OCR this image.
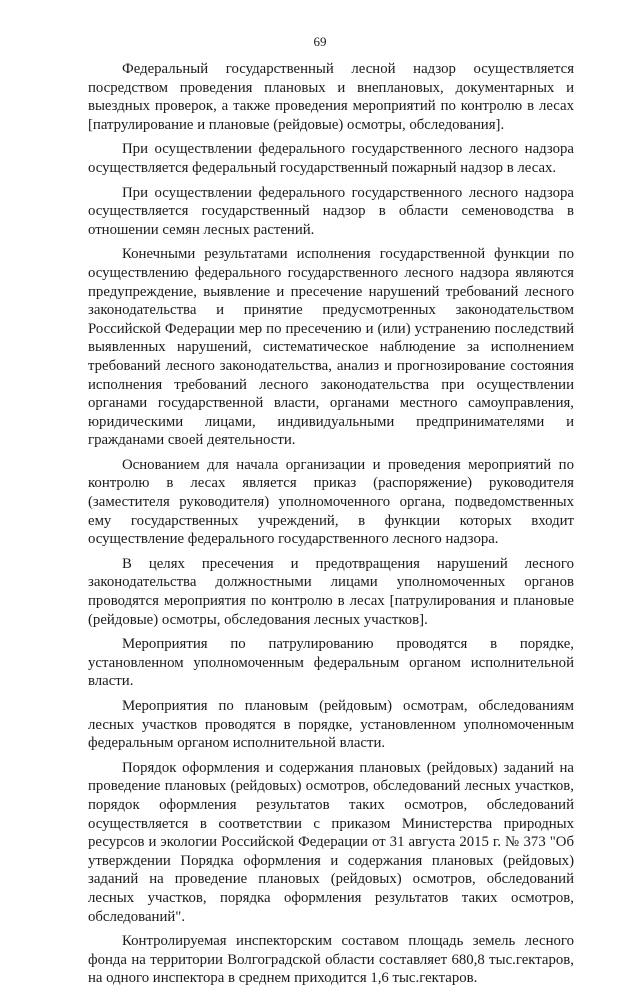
69

Федеральный государственный лесной надзор осуществляется посредством проведения плановых и внеплановых, документарных и выездных проверок, а также проведения мероприятий по контролю в лесах [патрулирование и плановые (рейдовые) осмотры, обследования].

При осуществлении федерального государственного лесного надзора осуществляется федеральный государственный пожарный надзор в лесах.

При осуществлении федерального государственного лесного надзора осуществляется государственный надзор в области семеноводства в отношении семян лесных растений.

Конечными результатами исполнения государственной функции по осуществлению федерального государственного лесного надзора являются предупреждение, выявление и пресечение нарушений требований лесного законодательства и принятие предусмотренных законодательством Российской Федерации мер по пресечению и (или) устранению последствий выявленных нарушений, систематическое наблюдение за исполнением требований лесного законодательства, анализ и прогнозирование состояния исполнения требований лесного законодательства при осуществлении органами государственной власти, органами местного самоуправления, юридическими лицами, индивидуальными предпринимателями и гражданами своей деятельности.

Основанием для начала организации и проведения мероприятий по контролю в лесах является приказ (распоряжение) руководителя (заместителя руководителя) уполномоченного органа, подведомственных ему государственных учреждений, в функции которых входит осуществление федерального государственного лесного надзора.

В целях пресечения и предотвращения нарушений лесного законодательства должностными лицами уполномоченных органов проводятся мероприятия по контролю в лесах [патрулирования и плановые (рейдовые) осмотры, обследования лесных участков].

Мероприятия по патрулированию проводятся в порядке, установленном уполномоченным федеральным органом исполнительной власти.

Мероприятия по плановым (рейдовым) осмотрам, обследованиям лесных участков проводятся в порядке, установленном уполномоченным федеральным органом исполнительной власти.

Порядок оформления и содержания плановых (рейдовых) заданий на проведение плановых (рейдовых) осмотров, обследований лесных участков, порядок оформления результатов таких осмотров, обследований осуществляется в соответствии с приказом Министерства природных ресурсов и экологии Российской Федерации от 31 августа 2015 г. № 373 "Об утверждении Порядка оформления и содержания плановых (рейдовых) заданий на проведение плановых (рейдовых) осмотров, обследований лесных участков, порядка оформления результатов таких осмотров, обследований".

Контролируемая инспекторским составом площадь земель лесного фонда на территории Волгоградской области составляет 680,8 тыс.гектаров, на одного инспектора в среднем приходится 1,6 тыс.гектаров.
